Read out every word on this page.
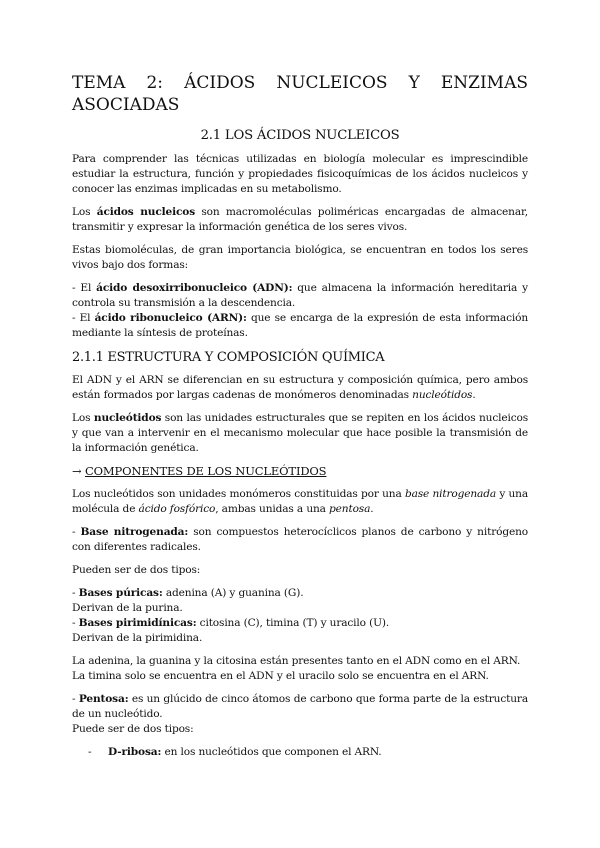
TEMA 2: ÁCIDOS NUCLEICOS Y ENZIMAS ASOCIADAS
2.1 LOS ÁCIDOS NUCLEICOS

Para comprender las técnicas utilizadas en biología molecular es imprescindible estudiar la estructura, función y propiedades fisicoquímicas de los ácidos nucleicos y conocer las enzimas implicadas en su metabolismo.

Los ácidos nucleicos son macromoléculas poliméricas encargadas de almacenar, transmitir y expresar la información genética de los seres vivos.

Estas biomoléculas, de gran importancia biológica, se encuentran en todos los seres vivos bajo dos formas:

- El ácido desoxirribonucleico (ADN): que almacena la información hereditaria y controla su transmisión a la descendencia.

- El ácido ribonucleico (ARN): que se encarga de la expresión de esta información mediante la síntesis de proteínas.

2.1.1 ESTRUCTURA Y COMPOSICIÓN QUÍMICA

El ADN y el ARN se diferencian en su estructura y composición química, pero ambos están formados por largas cadenas de monómeros denominadas nucleótidos.

Los nucleótidos son las unidades estructurales que se repiten en los ácidos nucleicos y que van a intervenir en el mecanismo molecular que hace posible la transmisión de la información genética.

→ COMPONENTES DE LOS NUCLEÓTIDOS

Los nucleótidos son unidades monómeros constituidas por una base nitrogenada y una molécula de ácido fosfórico, ambas unidas a una pentosa.

- Base nitrogenada: son compuestos heterocíclicos planos de carbono y nitrógeno con diferentes radicales.

Pueden ser de dos tipos:

- Bases púricas: adenina (A) y guanina (G).

Derivan de la purina.

- Bases pirimidínicas: citosina (C), timina (T) y uracilo (U).

Derivan de la pirimidina.

La adenina, la guanina y la citosina están presentes tanto en el ADN como en el ARN.

La timina solo se encuentra en el ADN y el uracilo solo se encuentra en el ARN.

- Pentosa: es un glúcido de cinco átomos de carbono que forma parte de la estructura de un nucleótido.

Puede ser de dos tipos:

-	D-ribosa: en los nucleótidos que componen el ARN.
